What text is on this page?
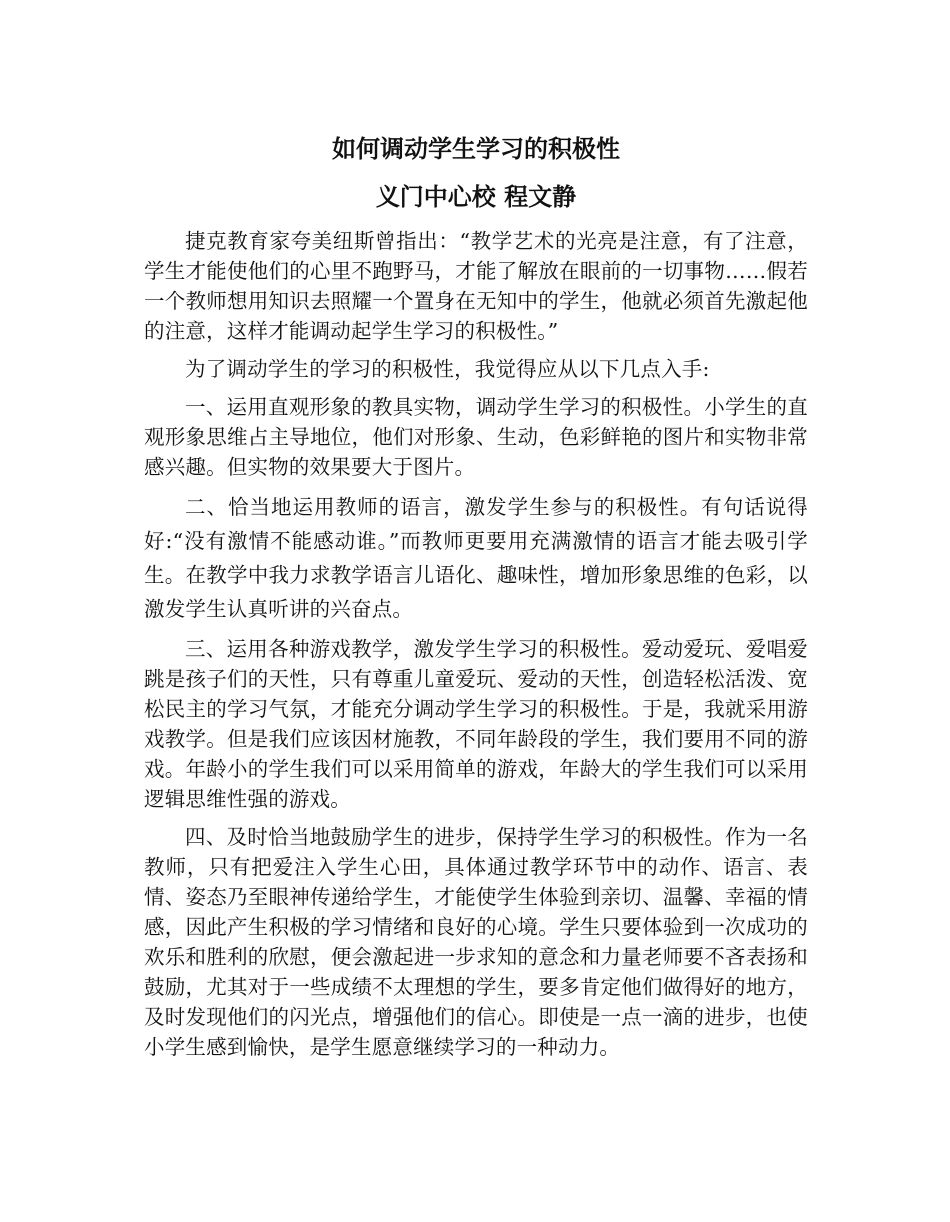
如何调动学生学习的积极性
义门中心校 程文静

捷克教育家夸美纽斯曾指出：“教学艺术的光亮是注意，有了注意，学生才能使他们的心里不跑野马，才能了解放在眼前的一切事物……假若一个教师想用知识去照耀一个置身在无知中的学生，他就必须首先激起他的注意，这样才能调动起学生学习的积极性。”

为了调动学生的学习的积极性，我觉得应从以下几点入手:

一、运用直观形象的教具实物，调动学生学习的积极性。小学生的直观形象思维占主导地位，他们对形象、生动，色彩鲜艳的图片和实物非常感兴趣。但实物的效果要大于图片。

二、恰当地运用教师的语言，激发学生参与的积极性。有句话说得好:“没有激情不能感动谁。”而教师更要用充满激情的语言才能去吸引学生。在教学中我力求教学语言儿语化、趣味性，增加形象思维的色彩，以激发学生认真听讲的兴奋点。

三、运用各种游戏教学，激发学生学习的积极性。爱动爱玩、爱唱爱跳是孩子们的天性，只有尊重儿童爱玩、爱动的天性，创造轻松活泼、宽松民主的学习气氛，才能充分调动学生学习的积极性。于是，我就采用游戏教学。但是我们应该因材施教，不同年龄段的学生，我们要用不同的游戏。年龄小的学生我们可以采用简单的游戏，年龄大的学生我们可以采用逻辑思维性强的游戏。

四、及时恰当地鼓励学生的进步，保持学生学习的积极性。作为一名教师，只有把爱注入学生心田，具体通过教学环节中的动作、语言、表情、姿态乃至眼神传递给学生，才能使学生体验到亲切、温馨、幸福的情感，因此产生积极的学习情绪和良好的心境。学生只要体验到一次成功的欢乐和胜利的欣慰，便会激起进一步求知的意念和力量老师要不吝表扬和鼓励，尤其对于一些成绩不太理想的学生，要多肯定他们做得好的地方，及时发现他们的闪光点，增强他们的信心。即使是一点一滴的进步，也使小学生感到愉快，是学生愿意继续学习的一种动力。
